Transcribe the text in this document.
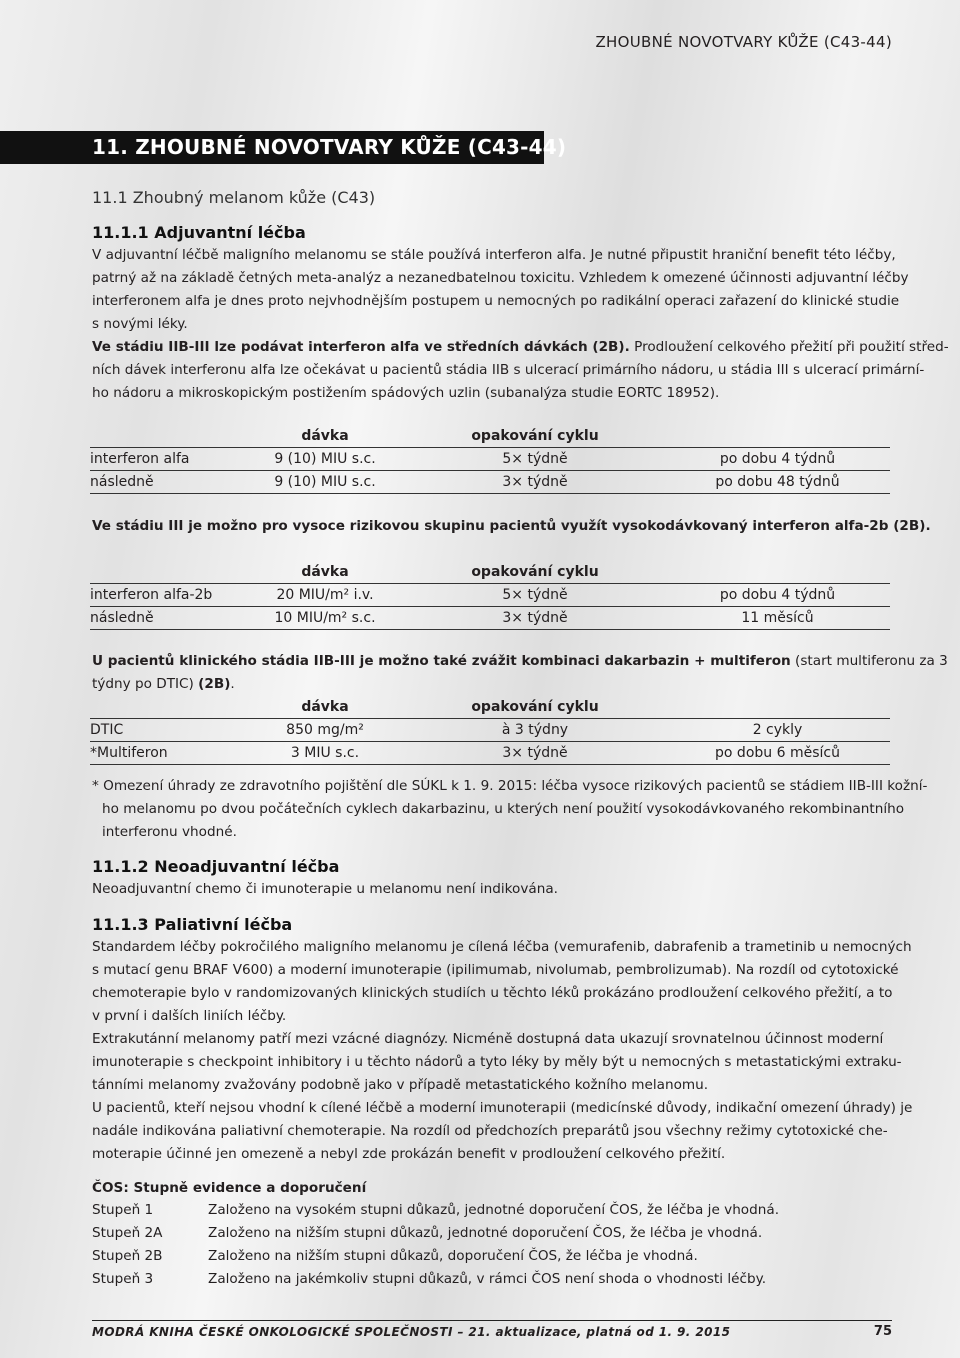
ZHOUBNÉ NOVOTVARY KŮŽE (C43-44)
11. ZHOUBNÉ NOVOTVARY KŮŽE (C43-44)
11.1 Zhoubný melanom kůže (C43)
11.1.1 Adjuvantní léčba
V adjuvantní léčbě maligního melanomu se stále používá interferon alfa. Je nutné připustit hraniční benefit této léčby,
patrný až na základě četných meta-analýz a nezanedbatelnou toxicitu. Vzhledem k omezené účinnosti adjuvantní léčby
interferonem alfa je dnes proto nejvhodnějším postupem u nemocných po radikální operaci zařazení do klinické studie
s novými léky.
Ve stádiu IIB-III lze podávat interferon alfa ve středních dávkách (2B). Prodloužení celkového přežití při použití střed-
ních dávek interferonu alfa lze očekávat u pacientů stádia IIB s ulcerací primárního nádoru, u stádia III s ulcerací primární-
ho nádoru a mikroskopickým postižením spádových uzlin (subanalýza studie EORTC 18952).
	dávka	opakování cyklu	
interferon alfa	9 (10) MIU s.c.	5× týdně	po dobu 4 týdnů
následně	9 (10) MIU s.c.	3× týdně	po dobu 48 týdnů
Ve stádiu III je možno pro vysoce rizikovou skupinu pacientů využít vysokodávkovaný interferon alfa-2b (2B).
	dávka	opakování cyklu	
interferon alfa-2b	20 MIU/m² i.v.	5× týdně	po dobu 4 týdnů
následně	10 MIU/m² s.c.	3× týdně	11 měsíců
U pacientů klinického stádia IIB-III je možno také zvážit kombinaci dakarbazin + multiferon (start multiferonu za 3
týdny po DTIC) (2B).
	dávka	opakování cyklu	
DTIC	850 mg/m²	à 3 týdny	2 cykly
*Multiferon	3 MIU s.c.	3× týdně	po dobu 6 měsíců
* Omezení úhrady ze zdravotního pojištění dle SÚKL k 1. 9. 2015: léčba vysoce rizikových pacientů se stádiem IIB-III kožní-
ho melanomu po dvou počátečních cyklech dakarbazinu, u kterých není použití vysokodávkovaného rekombinantního
interferonu vhodné.
11.1.2 Neoadjuvantní léčba
Neoadjuvantní chemo či imunoterapie u melanomu není indikována.
11.1.3 Paliativní léčba
Standardem léčby pokročilého maligního melanomu je cílená léčba (vemurafenib, dabrafenib a trametinib u nemocných
s mutací genu BRAF V600) a moderní imunoterapie (ipilimumab, nivolumab, pembrolizumab). Na rozdíl od cytotoxické
chemoterapie bylo v randomizovaných klinických studiích u těchto léků prokázáno prodloužení celkového přežití, a to
v první i dalších liniích léčby.
Extrakutánní melanomy patří mezi vzácné diagnózy. Nicméně dostupná data ukazují srovnatelnou účinnost moderní
imunoterapie s checkpoint inhibitory i u těchto nádorů a tyto léky by měly být u nemocných s metastatickými extraku-
tánními melanomy zvažovány podobně jako v případě metastatického kožního melanomu.
U pacientů, kteří nejsou vhodní k cílené léčbě a moderní imunoterapii (medicínské důvody, indikační omezení úhrady) je
nadále indikována paliativní chemoterapie. Na rozdíl od předchozích preparátů jsou všechny režimy cytotoxické che-
moterapie účinné jen omezeně a nebyl zde prokázán benefit v prodloužení celkového přežití.
ČOS: Stupně evidence a doporučení
Stupeň 1	Založeno na vysokém stupni důkazů, jednotné doporučení ČOS, že léčba je vhodná.
Stupeň 2A	Založeno na nižším stupni důkazů, jednotné doporučení ČOS, že léčba je vhodná.
Stupeň 2B	Založeno na nižším stupni důkazů, doporučení ČOS, že léčba je vhodná.
Stupeň 3	Založeno na jakémkoliv stupni důkazů, v rámci ČOS není shoda o vhodnosti léčby.
MODRÁ KNIHA ČESKÉ ONKOLOGICKÉ SPOLEČNOSTI – 21. aktualizace, platná od 1. 9. 2015	75
